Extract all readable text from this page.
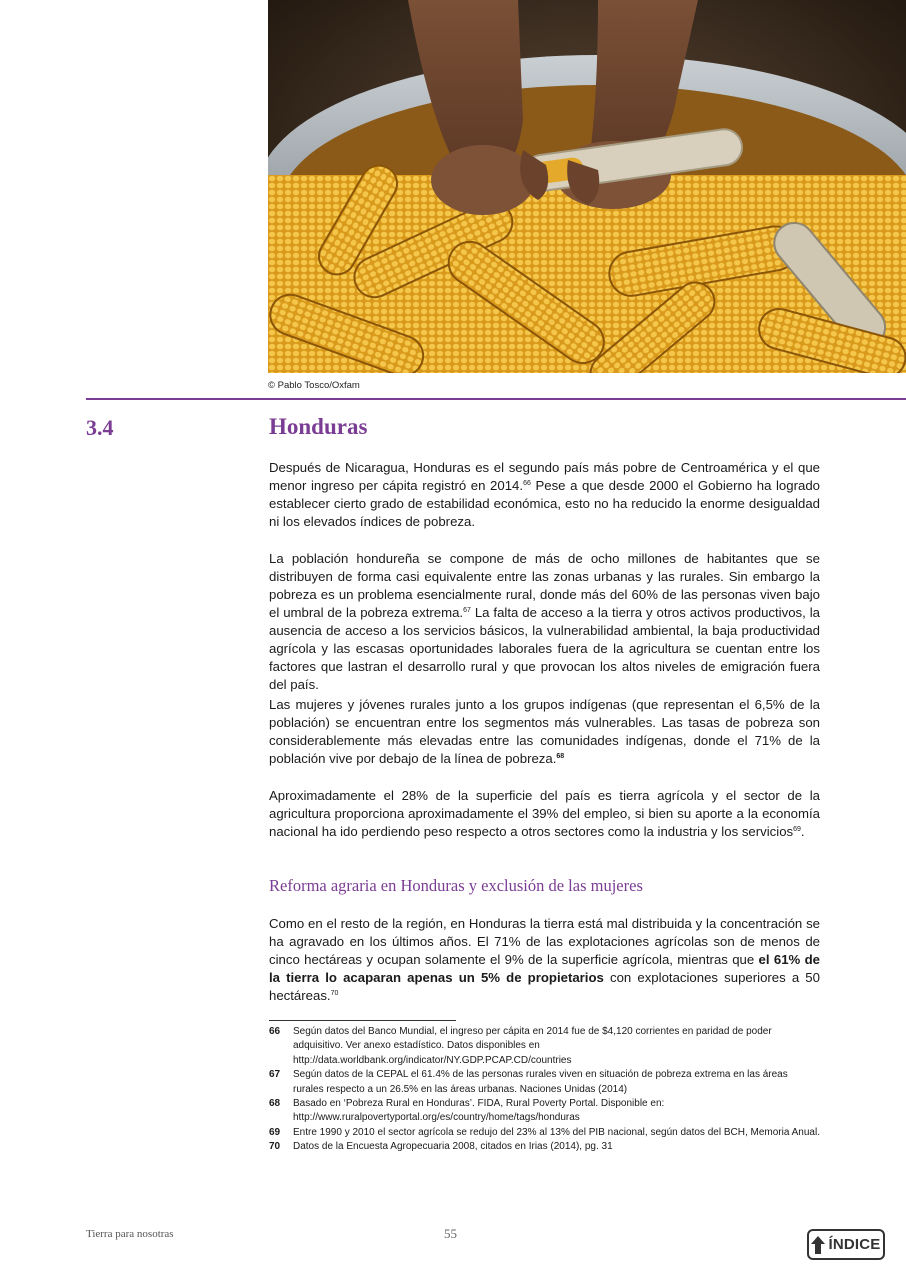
© Pablo Tosco/Oxfam
3.4	Honduras

Después de Nicaragua, Honduras es el segundo país más pobre de Centroamérica y el que menor ingreso per cápita registró en 2014.66 Pese a que desde 2000 el Gobierno ha logrado establecer cierto grado de estabilidad económica, esto no ha reducido la enorme desigualdad ni los elevados índices de pobreza.

La población hondureña se compone de más de ocho millones de habitantes que se distribuyen de forma casi equivalente entre las zonas urbanas y las rurales. Sin embargo la pobreza es un problema esencialmente rural, donde más del 60% de las personas viven bajo el umbral de la pobreza extrema.$^{67}$ La falta de acceso a la tierra y otros activos productivos, la ausencia de acceso a los servicios básicos, la vulnerabilidad ambiental, la baja productividad agrícola y las escasas oportunidades laborales fuera de la agricultura se cuentan entre los factores que lastran el desarrollo rural y que provocan los altos niveles de emigración fuera del país.

Las mujeres y jóvenes rurales junto a los grupos indígenas (que representan el 6,5% de la población) se encuentran entre los segmentos más vulnerables. Las tasas de pobreza son considerablemente más elevadas entre las comunidades indígenas, donde el 71% de la población vive por debajo de la línea de pobreza.$^{68}$

Aproximadamente el 28% de la superficie del país es tierra agrícola y el sector de la agricultura proporciona aproximadamente el 39% del empleo, si bien su aporte a la economía nacional ha ido perdiendo peso respecto a otros sectores como la industria y los servicios$^{69}$.

Reforma agraria en Honduras y exclusión de las mujeres

Como en el resto de la región, en Honduras la tierra está mal distribuida y la concentración se ha agravado en los últimos años. El 71% de las explotaciones agrícolas son de menos de cinco hectáreas y ocupan solamente el 9% de la superficie agrícola, mientras que el 61% de la tierra lo acaparan apenas un 5% de propietarios con explotaciones superiores a 50 hectáreas.$^{70}$

66	Según datos del Banco Mundial, el ingreso per cápita en 2014 fue de $4,120 corrientes en paridad de poder adquisitivo. Ver anexo estadístico. Datos disponibles en http://data.worldbank.org/indicator/NY.GDP.PCAP.CD/countries
67	Según datos de la CEPAL el 61.4% de las personas rurales viven en situación de pobreza extrema en las áreas rurales respecto a un 26.5% en las áreas urbanas. Naciones Unidas (2014)
68	Basado en ‘Pobreza Rural en Honduras’. FIDA, Rural Poverty Portal. Disponible en: http://www.ruralpovertyportal.org/es/country/home/tags/honduras
69	Entre 1990 y 2010 el sector agrícola se redujo del 23% al 13% del PIB nacional, según datos del BCH, Memoria Anual.
70	Datos de la Encuesta Agropecuaria 2008, citados en Irias (2014), pg. 31
Tierra para nosotras	55
ÍNDICE
